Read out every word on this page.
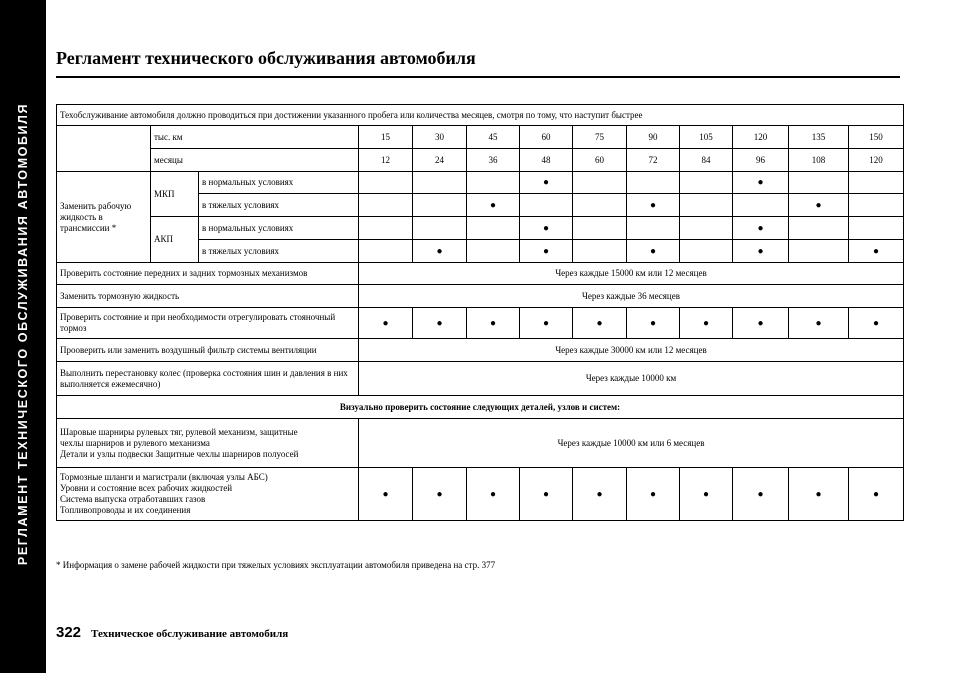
РЕГЛАМЕНТ ТЕХНИЧЕСКОГО ОБСЛУЖИВАНИЯ АВТОМОБИЛЯ
Регламент технического обслуживания автомобиля
Техобслуживание автомобиля должно проводиться при достижении указанного пробега или количества месяцев, смотря по тому, что наступит быстрее												
	тыс. км		15	30	45	60	75	90	105	120	135	150
	месяцы		12	24	36	48	60	72	84	96	108	120
Заменить рабочую жидкость в трансмиссии *	МКП	в нормальных условиях				●				●		
		в тяжелых условиях			●			●			●	
	АКП	в нормальных условиях				●				●		
		в тяжелых условиях		●		●		●		●		●
Проверить состояние передних и задних тормозных механизмов			Через каждые 15000 км или 12 месяцев									
Заменить тормозную жидкость			Через каждые 36 месяцев									
Проверить состояние и при необходимости отрегулировать стояночный тормоз			●	●	●	●	●	●	●	●	●	●
Прооверить или заменить воздушный фильтр системы вентиляции			Через каждые 30000 км или 12 месяцев									
Выполнить перестановку колес (проверка состояния шин и давления в них выполняется ежемесячно)			Через каждые 10000 км									
Визуально проверить состояние следующих деталей, узлов и систем:												

Шаровые шарниры рулевых тяг, рулевой механизм, защитные
чехлы шарниров и рулевого механизма
Детали и узлы подвески Защитные чехлы шарниров полуосей			Через каждые 10000 км или 6 месяцев									

Тормозные шланги и магистрали (включая узлы АБС)
Уровни и состояние всех рабочих жидкостей
Система выпуска отработавших газов
Топливопроводы и их соединения			●	●	●	●	●	●	●	●	●	●
* Информация о замене рабочей жидкости при тяжелых условиях эксплуатации автомобиля приведена на стр. 377
322 Техническое обслуживание автомобиля
